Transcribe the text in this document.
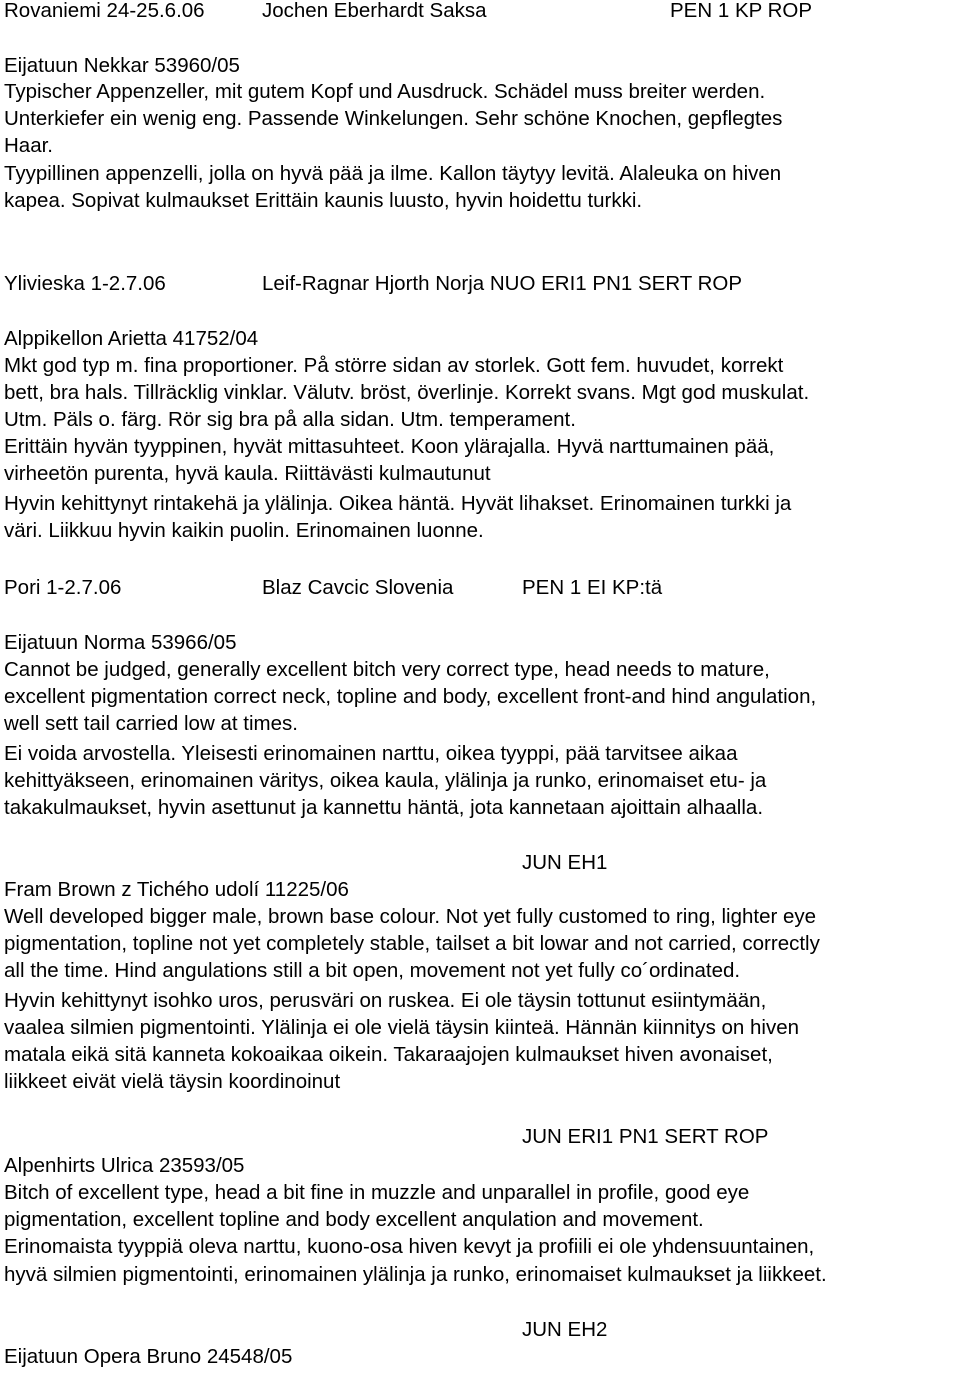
Rovaniemi 24-25.6.06	Jochen Eberhardt Saksa	PEN 1 KP ROP
Eijatuun Nekkar 53960/05
Typischer Appenzeller, mit gutem Kopf und Ausdruck. Schädel muss breiter werden.
Unterkiefer ein wenig eng. Passende Winkelungen. Sehr schöne Knochen, gepflegtes
Haar.
Tyypillinen appenzelli, jolla on hyvä pää ja ilme. Kallon täytyy levitä. Alaleuka on hiven
kapea. Sopivat kulmaukset Erittäin kaunis luusto, hyvin hoidettu turkki.
Ylivieska 1-2.7.06	Leif-Ragnar Hjorth Norja NUO ERI1 PN1 SERT ROP
Alppikellon Arietta 41752/04
Mkt god typ m. fina proportioner. På större sidan av storlek. Gott fem. huvudet, korrekt
bett, bra hals. Tillräcklig vinklar. Välutv. bröst, överlinje. Korrekt svans. Mgt god muskulat.
Utm. Päls o. färg. Rör sig bra på alla sidan. Utm. temperament.
Erittäin hyvän tyyppinen, hyvät mittasuhteet. Koon ylärajalla. Hyvä narttumainen pää,
virheetön purenta, hyvä kaula. Riittävästi kulmautunut
Hyvin kehittynyt rintakehä ja ylälinja. Oikea häntä. Hyvät lihakset. Erinomainen turkki ja
väri. Liikkuu hyvin kaikin puolin. Erinomainen luonne.
Pori 1-2.7.06	Blaz Cavcic Slovenia	PEN 1 EI KP:tä
Eijatuun Norma 53966/05
Cannot be judged, generally excellent bitch very correct type, head needs to mature,
excellent pigmentation correct neck, topline and body, excellent front-and hind angulation,
well sett tail carried low at times.
Ei voida arvostella. Yleisesti erinomainen narttu, oikea tyyppi, pää tarvitsee aikaa
kehittyäkseen, erinomainen väritys, oikea kaula, ylälinja ja runko, erinomaiset etu- ja
takakulmaukset, hyvin asettunut ja kannettu häntä, jota kannetaan ajoittain alhaalla.
JUN EH1
Fram Brown z Tichého udolí 11225/06
Well developed bigger male, brown base colour. Not yet fully customed to ring, lighter eye
pigmentation, topline not yet completely stable, tailset a bit lowar and not carried, correctly
all the time. Hind angulations still a bit open, movement not yet fully co´ordinated.
Hyvin kehittynyt isohko uros, perusväri on ruskea. Ei ole täysin tottunut esiintymään,
vaalea silmien pigmentointi. Ylälinja ei ole vielä täysin kiinteä. Hännän kiinnitys on hiven
matala eikä sitä kanneta kokoaikaa oikein. Takaraajojen kulmaukset hiven avonaiset,
liikkeet eivät vielä täysin koordinoinut
JUN ERI1 PN1 SERT ROP
Alpenhirts Ulrica 23593/05
Bitch of excellent type, head a bit fine in muzzle and unparallel in profile, good eye
pigmentation, excellent topline and body excellent anqulation and movement.
Erinomaista tyyppiä oleva narttu, kuono-osa hiven kevyt ja profiili ei ole yhdensuuntainen,
hyvä silmien pigmentointi, erinomainen ylälinja ja runko, erinomaiset kulmaukset ja liikkeet.
JUN EH2
Eijatuun Opera Bruno 24548/05
